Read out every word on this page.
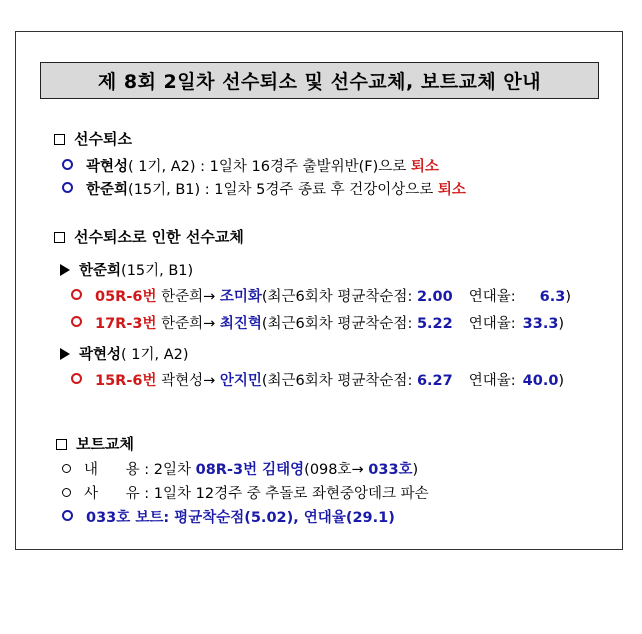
제 8회 2일차 선수퇴소 및 선수교체, 보트교체 안내
선수퇴소
곽현성( 1기, A2) : 1일차 16경주 출발위반(F)으로 퇴소
한준희(15기, B1) : 1일차 5경주 종료 후 건강이상으로 퇴소
선수퇴소로 인한 선수교체
한준희(15기, B1)
05R-6번 한준희→ 조미화(최근6회차 평균착순점: 2.00 연대율: 6.3)
17R-3번 한준희→ 최진혁(최근6회차 평균착순점: 5.22 연대율: 33.3)
곽현성( 1기, A2)
15R-6번 곽현성→ 안지민(최근6회차 평균착순점: 6.27 연대율: 40.0)
보트교체
내      용 : 2일차 08R-3번 김태영(098호→ 033호)
사      유 : 1일차 12경주 중 추돌로 좌현중앙데크 파손
033호 보트: 평균착순점(5.02), 연대율(29.1)
